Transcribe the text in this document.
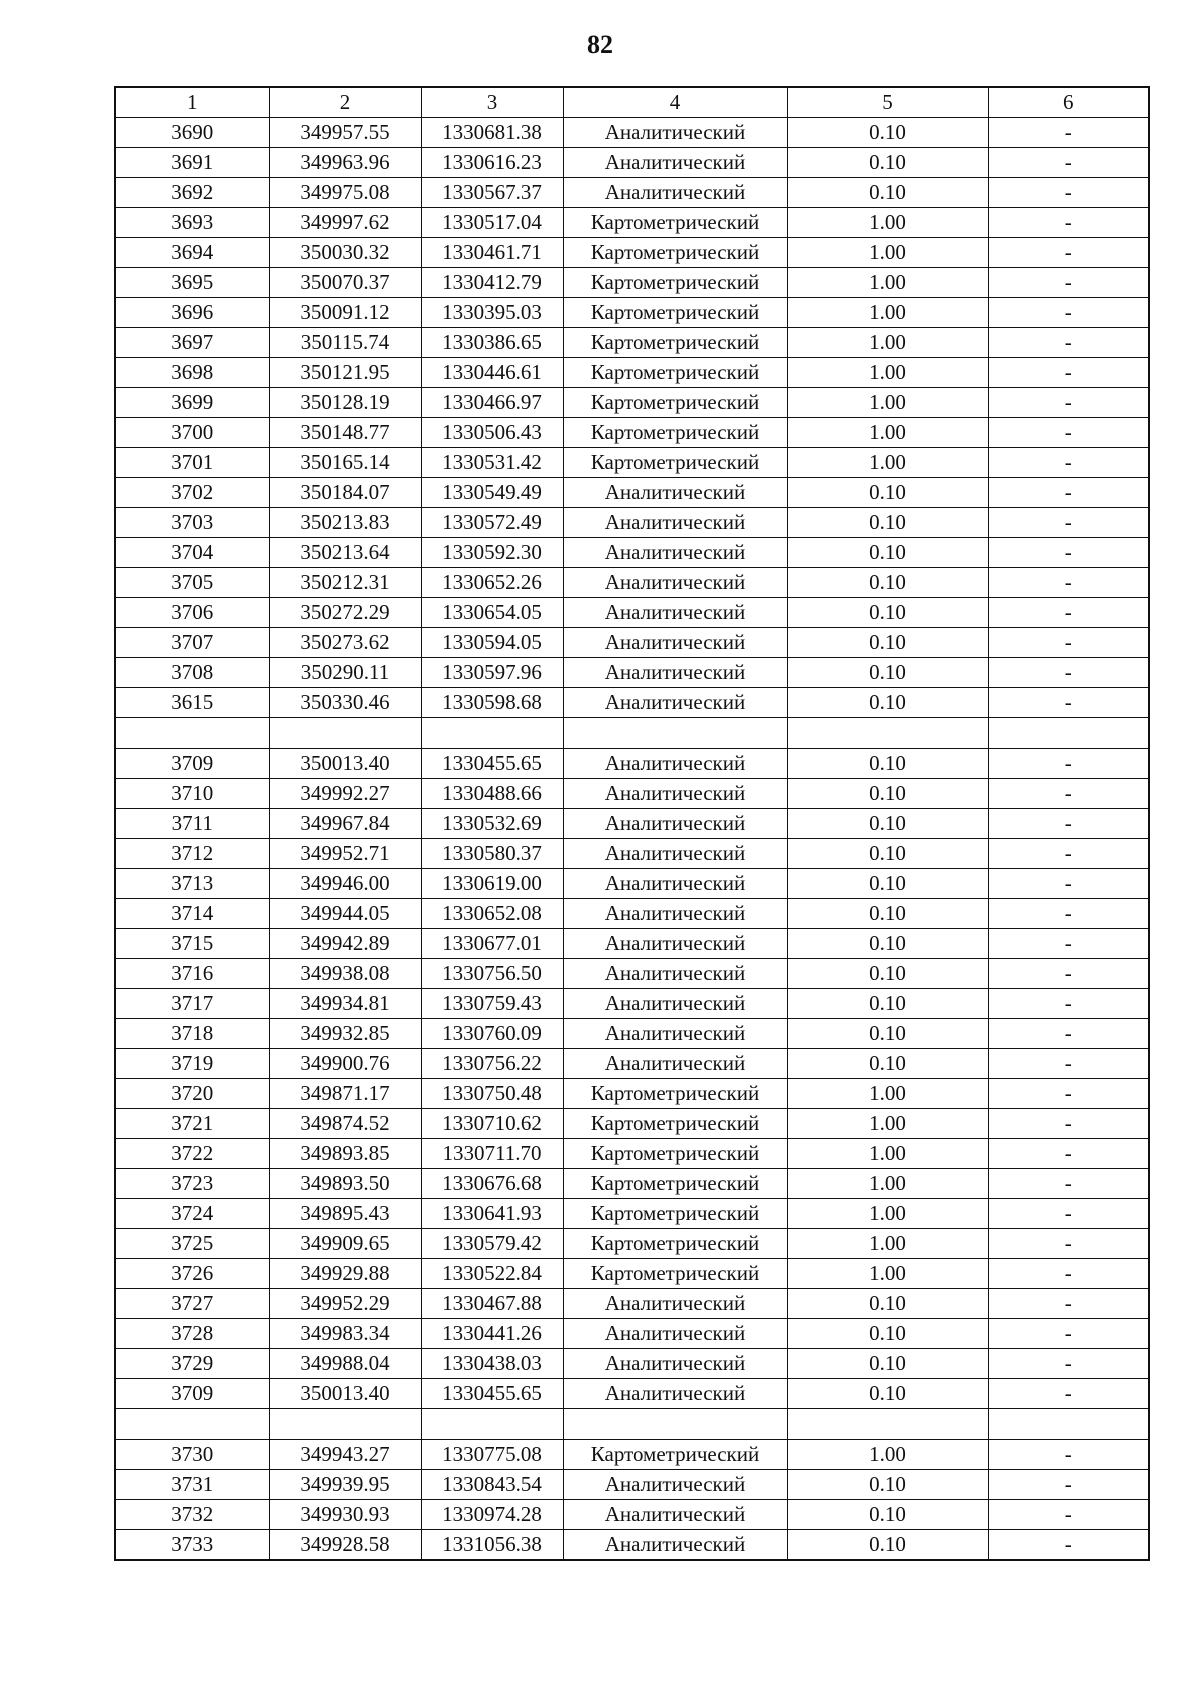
82
1	2	3	4	5	6
3690	349957.55	1330681.38	Аналитический	0.10	-
3691	349963.96	1330616.23	Аналитический	0.10	-
3692	349975.08	1330567.37	Аналитический	0.10	-
3693	349997.62	1330517.04	Картометрический	1.00	-
3694	350030.32	1330461.71	Картометрический	1.00	-
3695	350070.37	1330412.79	Картометрический	1.00	-
3696	350091.12	1330395.03	Картометрический	1.00	-
3697	350115.74	1330386.65	Картометрический	1.00	-
3698	350121.95	1330446.61	Картометрический	1.00	-
3699	350128.19	1330466.97	Картометрический	1.00	-
3700	350148.77	1330506.43	Картометрический	1.00	-
3701	350165.14	1330531.42	Картометрический	1.00	-
3702	350184.07	1330549.49	Аналитический	0.10	-
3703	350213.83	1330572.49	Аналитический	0.10	-
3704	350213.64	1330592.30	Аналитический	0.10	-
3705	350212.31	1330652.26	Аналитический	0.10	-
3706	350272.29	1330654.05	Аналитический	0.10	-
3707	350273.62	1330594.05	Аналитический	0.10	-
3708	350290.11	1330597.96	Аналитический	0.10	-
3615	350330.46	1330598.68	Аналитический	0.10	-

3709	350013.40	1330455.65	Аналитический	0.10	-
3710	349992.27	1330488.66	Аналитический	0.10	-
3711	349967.84	1330532.69	Аналитический	0.10	-
3712	349952.71	1330580.37	Аналитический	0.10	-
3713	349946.00	1330619.00	Аналитический	0.10	-
3714	349944.05	1330652.08	Аналитический	0.10	-
3715	349942.89	1330677.01	Аналитический	0.10	-
3716	349938.08	1330756.50	Аналитический	0.10	-
3717	349934.81	1330759.43	Аналитический	0.10	-
3718	349932.85	1330760.09	Аналитический	0.10	-
3719	349900.76	1330756.22	Аналитический	0.10	-
3720	349871.17	1330750.48	Картометрический	1.00	-
3721	349874.52	1330710.62	Картометрический	1.00	-
3722	349893.85	1330711.70	Картометрический	1.00	-
3723	349893.50	1330676.68	Картометрический	1.00	-
3724	349895.43	1330641.93	Картометрический	1.00	-
3725	349909.65	1330579.42	Картометрический	1.00	-
3726	349929.88	1330522.84	Картометрический	1.00	-
3727	349952.29	1330467.88	Аналитический	0.10	-
3728	349983.34	1330441.26	Аналитический	0.10	-
3729	349988.04	1330438.03	Аналитический	0.10	-
3709	350013.40	1330455.65	Аналитический	0.10	-

3730	349943.27	1330775.08	Картометрический	1.00	-
3731	349939.95	1330843.54	Аналитический	0.10	-
3732	349930.93	1330974.28	Аналитический	0.10	-
3733	349928.58	1331056.38	Аналитический	0.10	-
